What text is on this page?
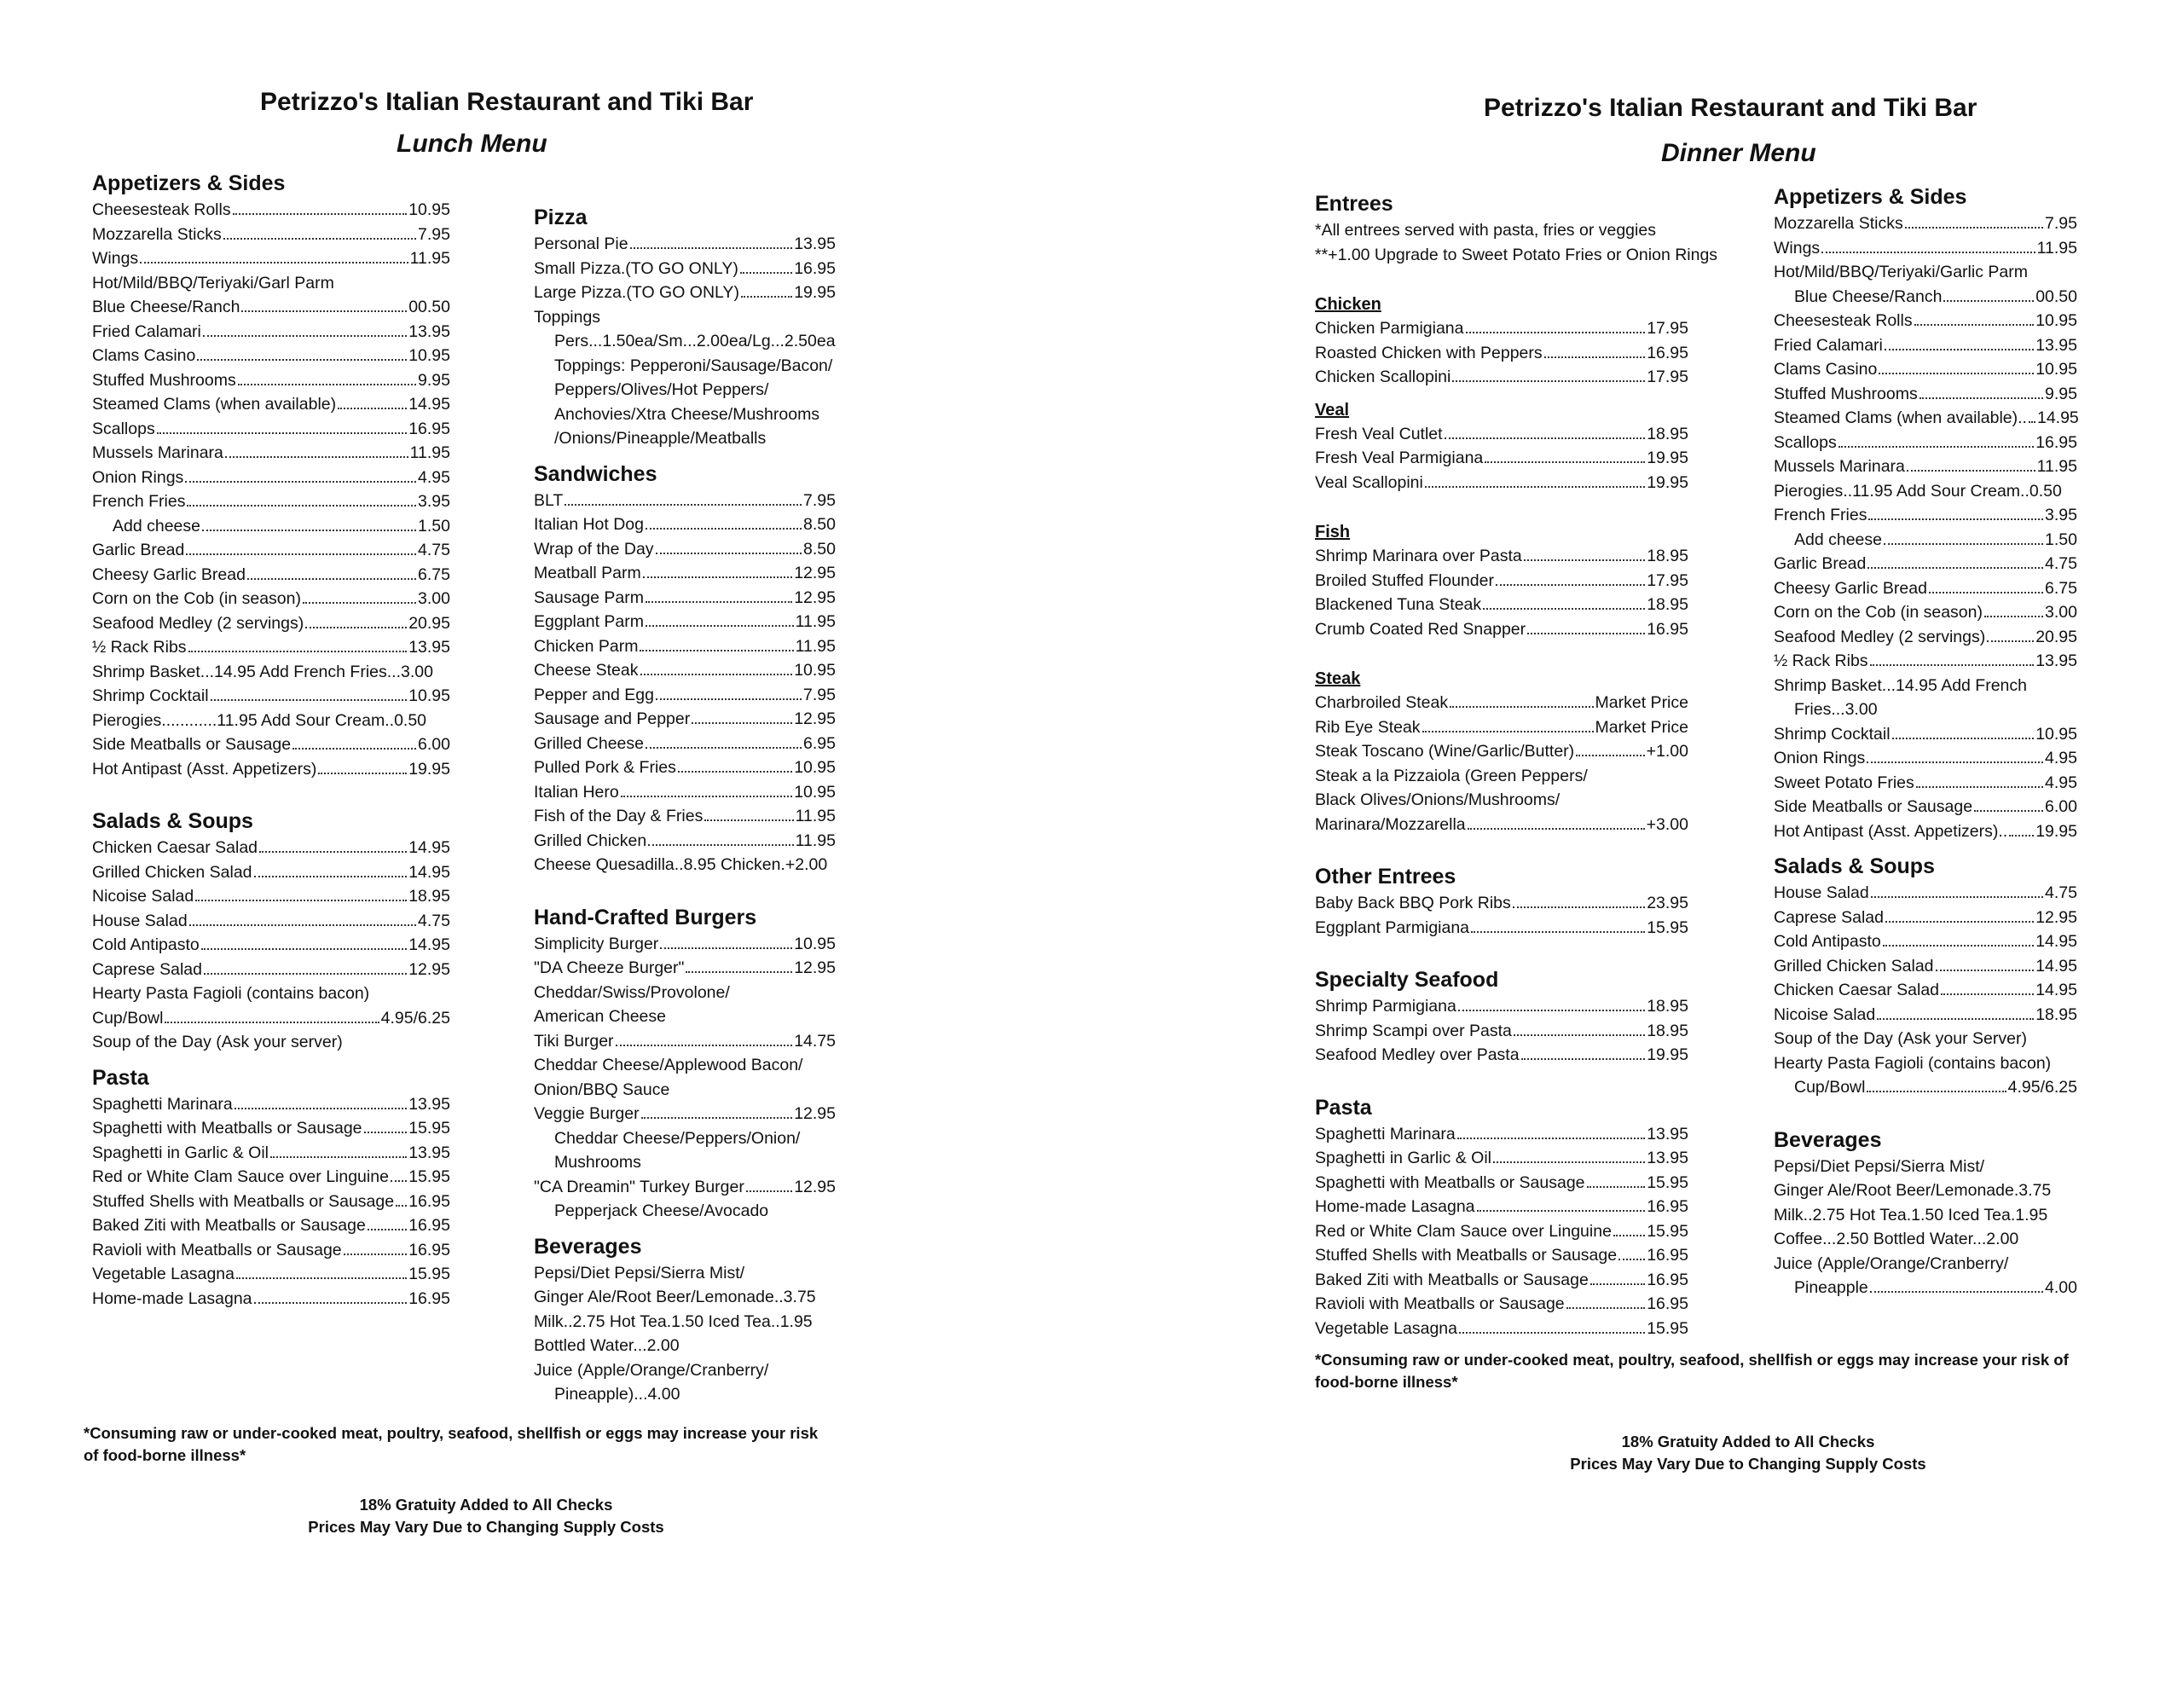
Petrizzo's Italian Restaurant and Tiki Bar
Lunch Menu
Appetizers & Sides
Cheesesteak Rolls	10.95
Mozzarella Sticks	7.95
Wings	11.95
Hot/Mild/BBQ/Teriyaki/Garl Parm
Blue Cheese/Ranch	00.50
Fried Calamari	13.95
Clams Casino	10.95
Stuffed Mushrooms	9.95
Steamed Clams (when available)	14.95
Scallops	16.95
Mussels Marinara	11.95
Onion Rings	4.95
French Fries	3.95
Add cheese	1.50
Garlic Bread	4.75
Cheesy Garlic Bread	6.75
Corn on the Cob (in season)	3.00
Seafood Medley (2 servings)	20.95
½ Rack Ribs	13.95
Shrimp Basket...14.95 Add French Fries...3.00
Shrimp Cocktail	10.95
Pierogies............11.95 Add Sour Cream..0.50
Side Meatballs or Sausage	6.00
Hot Antipast (Asst. Appetizers)	19.95
Salads & Soups
Chicken Caesar Salad	14.95
Grilled Chicken Salad	14.95
Nicoise Salad	18.95
House Salad	4.75
Cold Antipasto	14.95
Caprese Salad	12.95
Hearty Pasta Fagioli (contains bacon)
Cup/Bowl	4.95/6.25
Soup of the Day (Ask your server)
Pasta
Spaghetti Marinara	13.95
Spaghetti with Meatballs or Sausage	15.95
Spaghetti in Garlic & Oil	13.95
Red or White Clam Sauce over Linguine 15.95
Stuffed Shells with Meatballs or Sausage 16.95
Baked Ziti with Meatballs or Sausage	16.95
Ravioli with Meatballs or Sausage	16.95
Vegetable Lasagna	15.95
Home-made Lasagna	16.95
Pizza
Personal Pie	13.95
Small Pizza.(TO GO ONLY)	16.95
Large Pizza.(TO GO ONLY)	19.95
Toppings
Pers...1.50ea/Sm...2.00ea/Lg...2.50ea
Toppings: Pepperoni/Sausage/Bacon/
Peppers/Olives/Hot Peppers/
Anchovies/Xtra Cheese/Mushrooms
/Onions/Pineapple/Meatballs
Sandwiches
BLT	7.95
Italian Hot Dog	8.50
Wrap of the Day	8.50
Meatball Parm	12.95
Sausage Parm	12.95
Eggplant Parm	11.95
Chicken Parm	11.95
Cheese Steak	10.95
Pepper and Egg	7.95
Sausage and Pepper	12.95
Grilled Cheese	6.95
Pulled Pork & Fries	10.95
Italian Hero	10.95
Fish of the Day & Fries	11.95
Grilled Chicken	11.95
Cheese Quesadilla..8.95 Chicken.+2.00
Hand-Crafted Burgers
Simplicity Burger	10.95
"DA Cheeze Burger"	12.95
Cheddar/Swiss/Provolone/
American Cheese
Tiki Burger	14.75
Cheddar Cheese/Applewood Bacon/
Onion/BBQ Sauce
Veggie Burger	12.95
Cheddar Cheese/Peppers/Onion/
Mushrooms
"CA Dreamin" Turkey Burger	12.95
Pepperjack Cheese/Avocado
Beverages
Pepsi/Diet Pepsi/Sierra Mist/
Ginger Ale/Root Beer/Lemonade..3.75
Milk..2.75 Hot Tea.1.50 Iced Tea..1.95
Bottled Water...2.00
Juice (Apple/Orange/Cranberry/
Pineapple)...4.00
*Consuming raw or under-cooked meat, poultry, seafood, shellfish or eggs may increase your risk of food-borne illness*
18% Gratuity Added to All Checks
Prices May Vary Due to Changing Supply Costs
Petrizzo's Italian Restaurant and Tiki Bar
Dinner Menu
Entrees
*All entrees served with pasta, fries or veggies
**+1.00 Upgrade to Sweet Potato Fries or Onion Rings
Chicken
Chicken Parmigiana	17.95
Roasted Chicken with Peppers	16.95
Chicken Scallopini	17.95
Veal
Fresh Veal Cutlet	18.95
Fresh Veal Parmigiana	19.95
Veal Scallopini	19.95
Fish
Shrimp Marinara over Pasta	18.95
Broiled Stuffed Flounder	17.95
Blackened Tuna Steak	18.95
Crumb Coated Red Snapper	16.95
Steak
Charbroiled Steak	Market Price
Rib Eye Steak	Market Price
Steak Toscano (Wine/Garlic/Butter)	+1.00
Steak a la Pizzaiola (Green Peppers/
Black Olives/Onions/Mushrooms/
Marinara/Mozzarella	+3.00
Other Entrees
Baby Back BBQ Pork Ribs	23.95
Eggplant Parmigiana	15.95
Specialty Seafood
Shrimp Parmigiana	18.95
Shrimp Scampi over Pasta	18.95
Seafood Medley over Pasta	19.95
Pasta
Spaghetti Marinara	13.95
Spaghetti in Garlic & Oil	13.95
Spaghetti with Meatballs or Sausage	15.95
Home-made Lasagna	16.95
Red or White Clam Sauce over Linguine 15.95
Stuffed Shells with Meatballs or Sausage 16.95
Baked Ziti with Meatballs or Sausage	16.95
Ravioli with Meatballs or Sausage	16.95
Vegetable Lasagna	15.95
Appetizers & Sides
Mozzarella Sticks	7.95
Wings	11.95
Hot/Mild/BBQ/Teriyaki/Garlic Parm
Blue Cheese/Ranch	00.50
Cheesesteak Rolls	10.95
Fried Calamari	13.95
Clams Casino	10.95
Stuffed Mushrooms	9.95
Steamed Clams (when available).. 14.95
Scallops	16.95
Mussels Marinara	11.95
Pierogies..11.95 Add Sour Cream..0.50
French Fries	3.95
Add cheese	1.50
Garlic Bread	4.75
Cheesy Garlic Bread	6.75
Corn on the Cob (in season)	3.00
Seafood Medley (2 servings)	20.95
½ Rack Ribs	13.95
Shrimp Basket...14.95 Add French
Fries...3.00
Shrimp Cocktail	10.95
Onion Rings	4.95
Sweet Potato Fries	4.95
Side Meatballs or Sausage	6.00
Hot Antipast (Asst. Appetizers).. 19.95
Salads & Soups
House Salad	4.75
Caprese Salad	12.95
Cold Antipasto	14.95
Grilled Chicken Salad	14.95
Chicken Caesar Salad	14.95
Nicoise Salad	18.95
Soup of the Day (Ask your Server)
Hearty Pasta Fagioli (contains bacon)
Cup/Bowl	4.95/6.25
Beverages
Pepsi/Diet Pepsi/Sierra Mist/
Ginger Ale/Root Beer/Lemonade.3.75
Milk..2.75 Hot Tea.1.50 Iced Tea.1.95
Coffee...2.50 Bottled Water...2.00
Juice (Apple/Orange/Cranberry/
Pineapple	4.00
*Consuming raw or under-cooked meat, poultry, seafood, shellfish or eggs may increase your risk of food-borne illness*
18% Gratuity Added to All Checks
Prices May Vary Due to Changing Supply Costs
